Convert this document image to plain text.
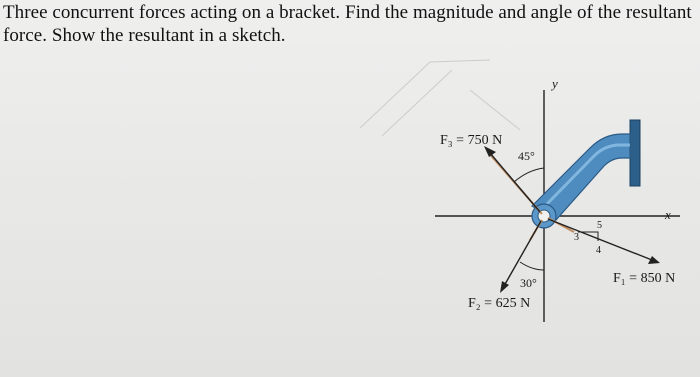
Three concurrent forces acting on a bracket. Find the magnitude and angle of the resultant force. Show the resultant in a sketch.
y
x
F₃ = 750 N
F₁ = 850 N
F₂ = 625 N
45°
30°
5
3
4
